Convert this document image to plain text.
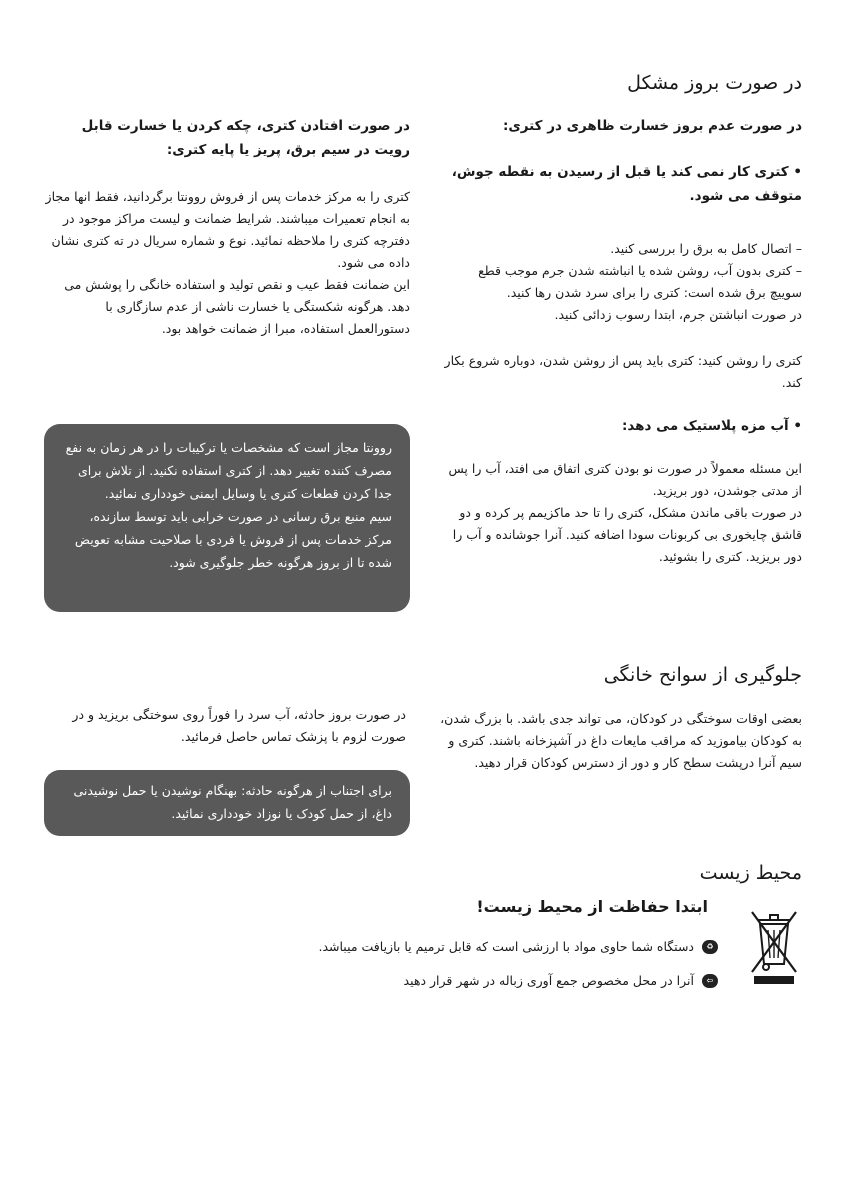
در صورت بروز مشکل

در صورت عدم بروز خسارت ظاهری در کتری:

• کتری کار نمی کند یا قبل از رسیدن به نقطه جوش، متوقف می شود.

– اتصال کامل به برق را بررسی کنید.

– کتری بدون آب، روشن شده یا انباشته شدن جرم موجب قطع سوییچ برق شده است: کتری را برای سرد شدن رها کنید.

در صورت انباشتن جرم، ابتدا رسوب زدائی کنید.

کتری را روشن کنید: کتری باید پس از روشن شدن، دوباره شروع بکار کند.

• آب مزه پلاستیک می دهد:

این مسئله معمولاً در صورت نو بودن کتری اتفاق می افتد، آب را پس از مدتی جوشدن، دور بریزید.

در صورت باقی ماندن مشکل، کتری را تا حد ماکزیمم پر کرده و دو قاشق چایخوری بی کربونات سودا اضافه کنید. آنرا جوشانده و آب را دور بریزید. کتری را بشوئید.

در صورت افتادن کتری، چکه کردن یا خسارت قابل رویت در سیم برق، پریز یا پایه کتری:

کتری را به مرکز خدمات پس از فروش روونتا برگردانید، فقط انها مجاز به انجام تعمیرات میباشند. شرایط ضمانت و لیست مراکز موجود در دفترچه کتری را ملاحظه نمائید. نوع و شماره سریال در ته کتری نشان داده می شود.

این ضمانت فقط عیب و نقص تولید و استفاده خانگی را پوشش می دهد. هرگونه شکستگی یا خسارت ناشی از عدم سازگاری با دستورالعمل استفاده، مبرا از ضمانت خواهد بود.

روونتا مجاز است که مشخصات یا ترکیبات را در هر زمان به نفع مصرف کننده تغییر دهد. از کتری استفاده نکنید. از تلاش برای جدا کردن قطعات کتری یا وسایل ایمنی خودداری نمائید.

سیم منبع برق رسانی در صورت خرابی باید توسط سازنده، مرکز خدمات پس از فروش یا فردی با صلاحیت مشابه تعویض شده تا از بروز هرگونه خطر جلوگیری شود.

جلوگیری از سوانح خانگی

بعضی اوقات سوختگی در کودکان، می تواند جدی باشد. با بزرگ شدن، به کودکان بیاموزید که مراقب مایعات داغ در آشپزخانه باشند. کتری و سیم آنرا درپشت سطح کار و دور از دسترس کودکان قرار دهید.

در صورت بروز حادثه، آب سرد را فوراً روی سوختگی بریزید و در صورت لزوم با پزشک تماس حاصل فرمائید.

برای اجتناب از هرگونه حادثه: بهنگام نوشیدن یا حمل نوشیدنی داغ، از حمل کودک یا نوزاد خودداری نمائید.

محیط زیست

ابتدا حفاظت از محیط زیست!

♻
دستگاه شما حاوی مواد با ارزشی است که قابل ترمیم یا بازیافت میباشد.
⇦
آنرا در محل مخصوص جمع آوری زباله در شهر قرار دهید
